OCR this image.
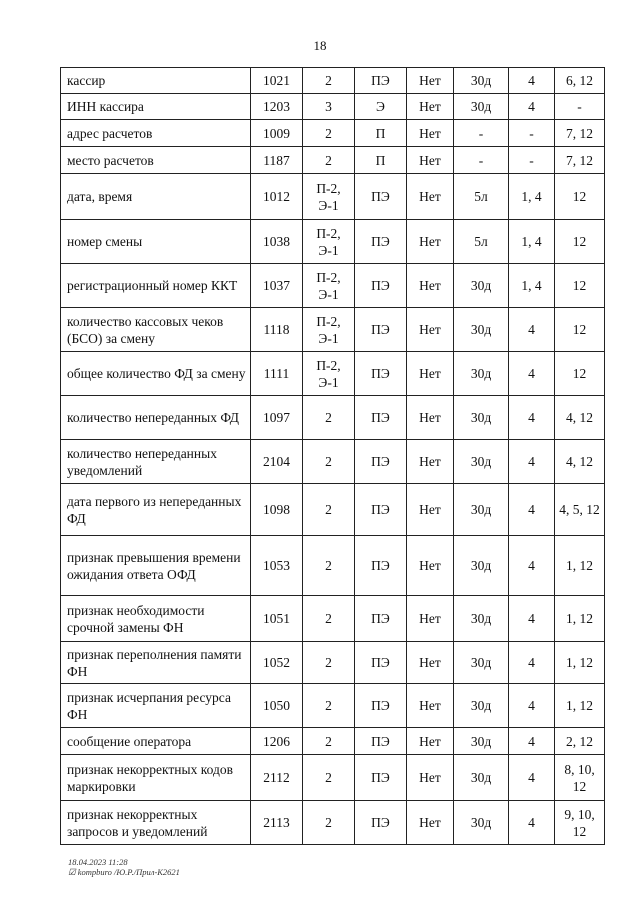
18
кассир	1021	2	ПЭ	Нет	30д	4	6, 12
ИНН кассира	1203	3	Э	Нет	30д	4	-
адрес расчетов	1009	2	П	Нет	-	-	7, 12
место расчетов	1187	2	П	Нет	-	-	7, 12
дата, время	1012	П-2, Э-1	ПЭ	Нет	5л	1, 4	12
номер смены	1038	П-2, Э-1	ПЭ	Нет	5л	1, 4	12
регистрационный номер ККТ	1037	П-2, Э-1	ПЭ	Нет	30д	1, 4	12
количество кассовых чеков (БСО) за смену	1118	П-2, Э-1	ПЭ	Нет	30д	4	12
общее количество ФД за смену	1111	П-2, Э-1	ПЭ	Нет	30д	4	12
количество непереданных ФД	1097	2	ПЭ	Нет	30д	4	4, 12
количество непереданных уведомлений	2104	2	ПЭ	Нет	30д	4	4, 12
дата первого из непереданных ФД	1098	2	ПЭ	Нет	30д	4	4, 5, 12
признак превышения времени ожидания ответа ОФД	1053	2	ПЭ	Нет	30д	4	1, 12
признак необходимости срочной замены ФН	1051	2	ПЭ	Нет	30д	4	1, 12
признак переполнения памяти ФН	1052	2	ПЭ	Нет	30д	4	1, 12
признак исчерпания ресурса ФН	1050	2	ПЭ	Нет	30д	4	1, 12
сообщение оператора	1206	2	ПЭ	Нет	30д	4	2, 12
признак некорректных кодов маркировки	2112	2	ПЭ	Нет	30д	4	8, 10, 12
признак некорректных запросов и уведомлений	2113	2	ПЭ	Нет	30д	4	9, 10, 12
18.04.2023 11:28
☑ kompburo /Ю.Р./Прил-К2621
